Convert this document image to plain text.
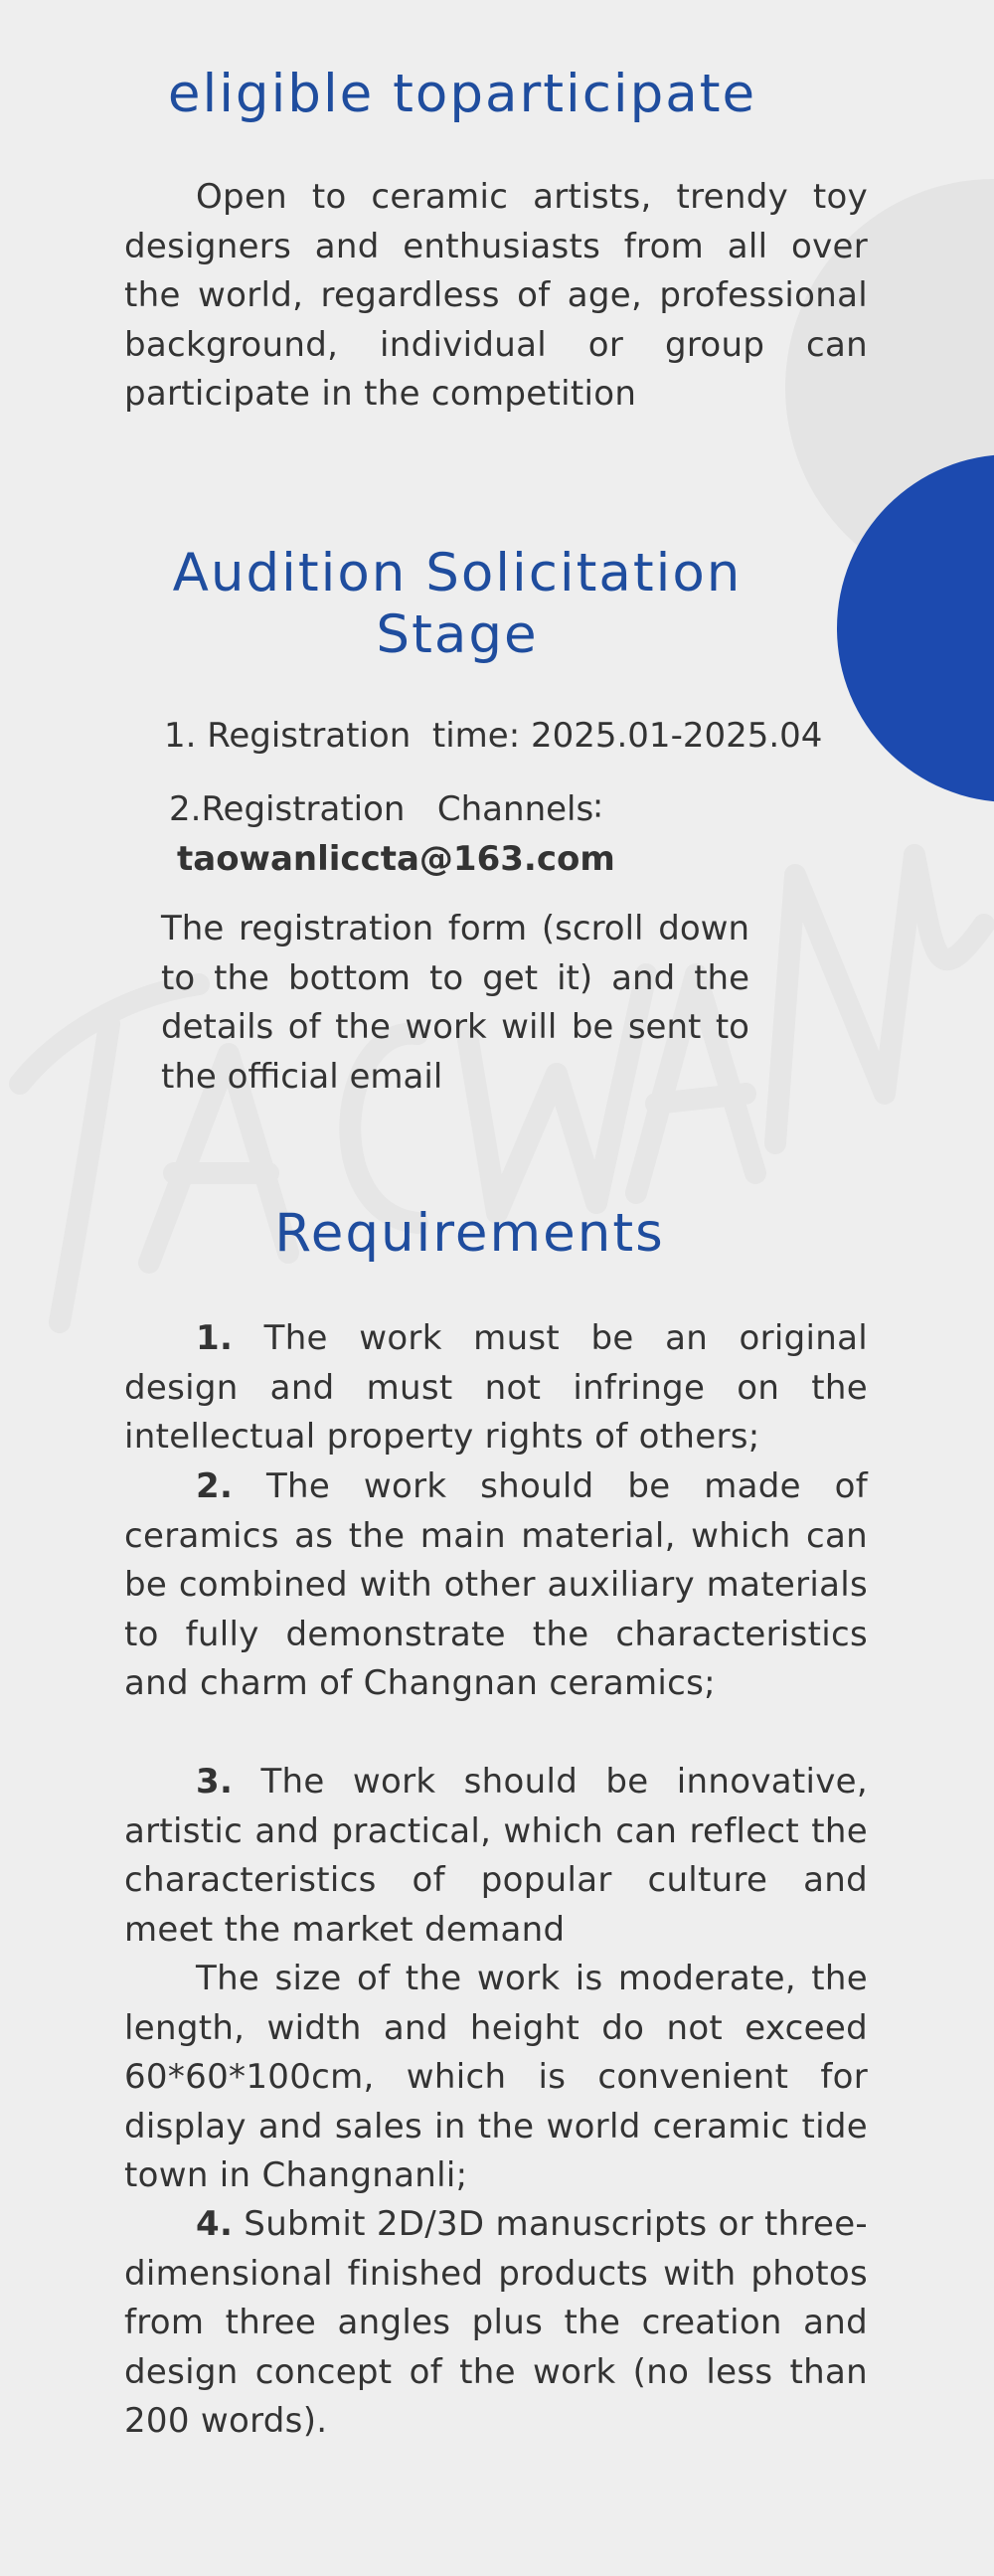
eligible toparticipate

Open to ceramic artists, trendy toy designers and enthusiasts from all over the world, regardless of age, professional background, individual or group can participate in the competition

Audition Solicitation
Stage

1. Registration  time: 2025.01-2025.04

2.Registration   Channels∶

taowanliccta@163.com

The registration form (scroll down to the bottom to get it) and the details of the work will be sent to the official email

Requirements

1. The work must be an original design and must not infringe on the intellectual property rights of others;

2. The work should be made of ceramics as the main material, which can be combined with other auxiliary materials to fully demonstrate the characteristics and charm of Changnan ceramics;

3. The work should be innovative, artistic and practical, which can reflect the characteristics of popular culture and meet the market demand

The size of the work is moderate, the length, width and height do not exceed 60*60*100cm, which is convenient for display and sales in the world ceramic tide town in Changnanli;

4. Submit 2D/3D manuscripts or three-dimensional finished products with photos from three angles plus the creation and design concept of the work (no less than 200 words).
